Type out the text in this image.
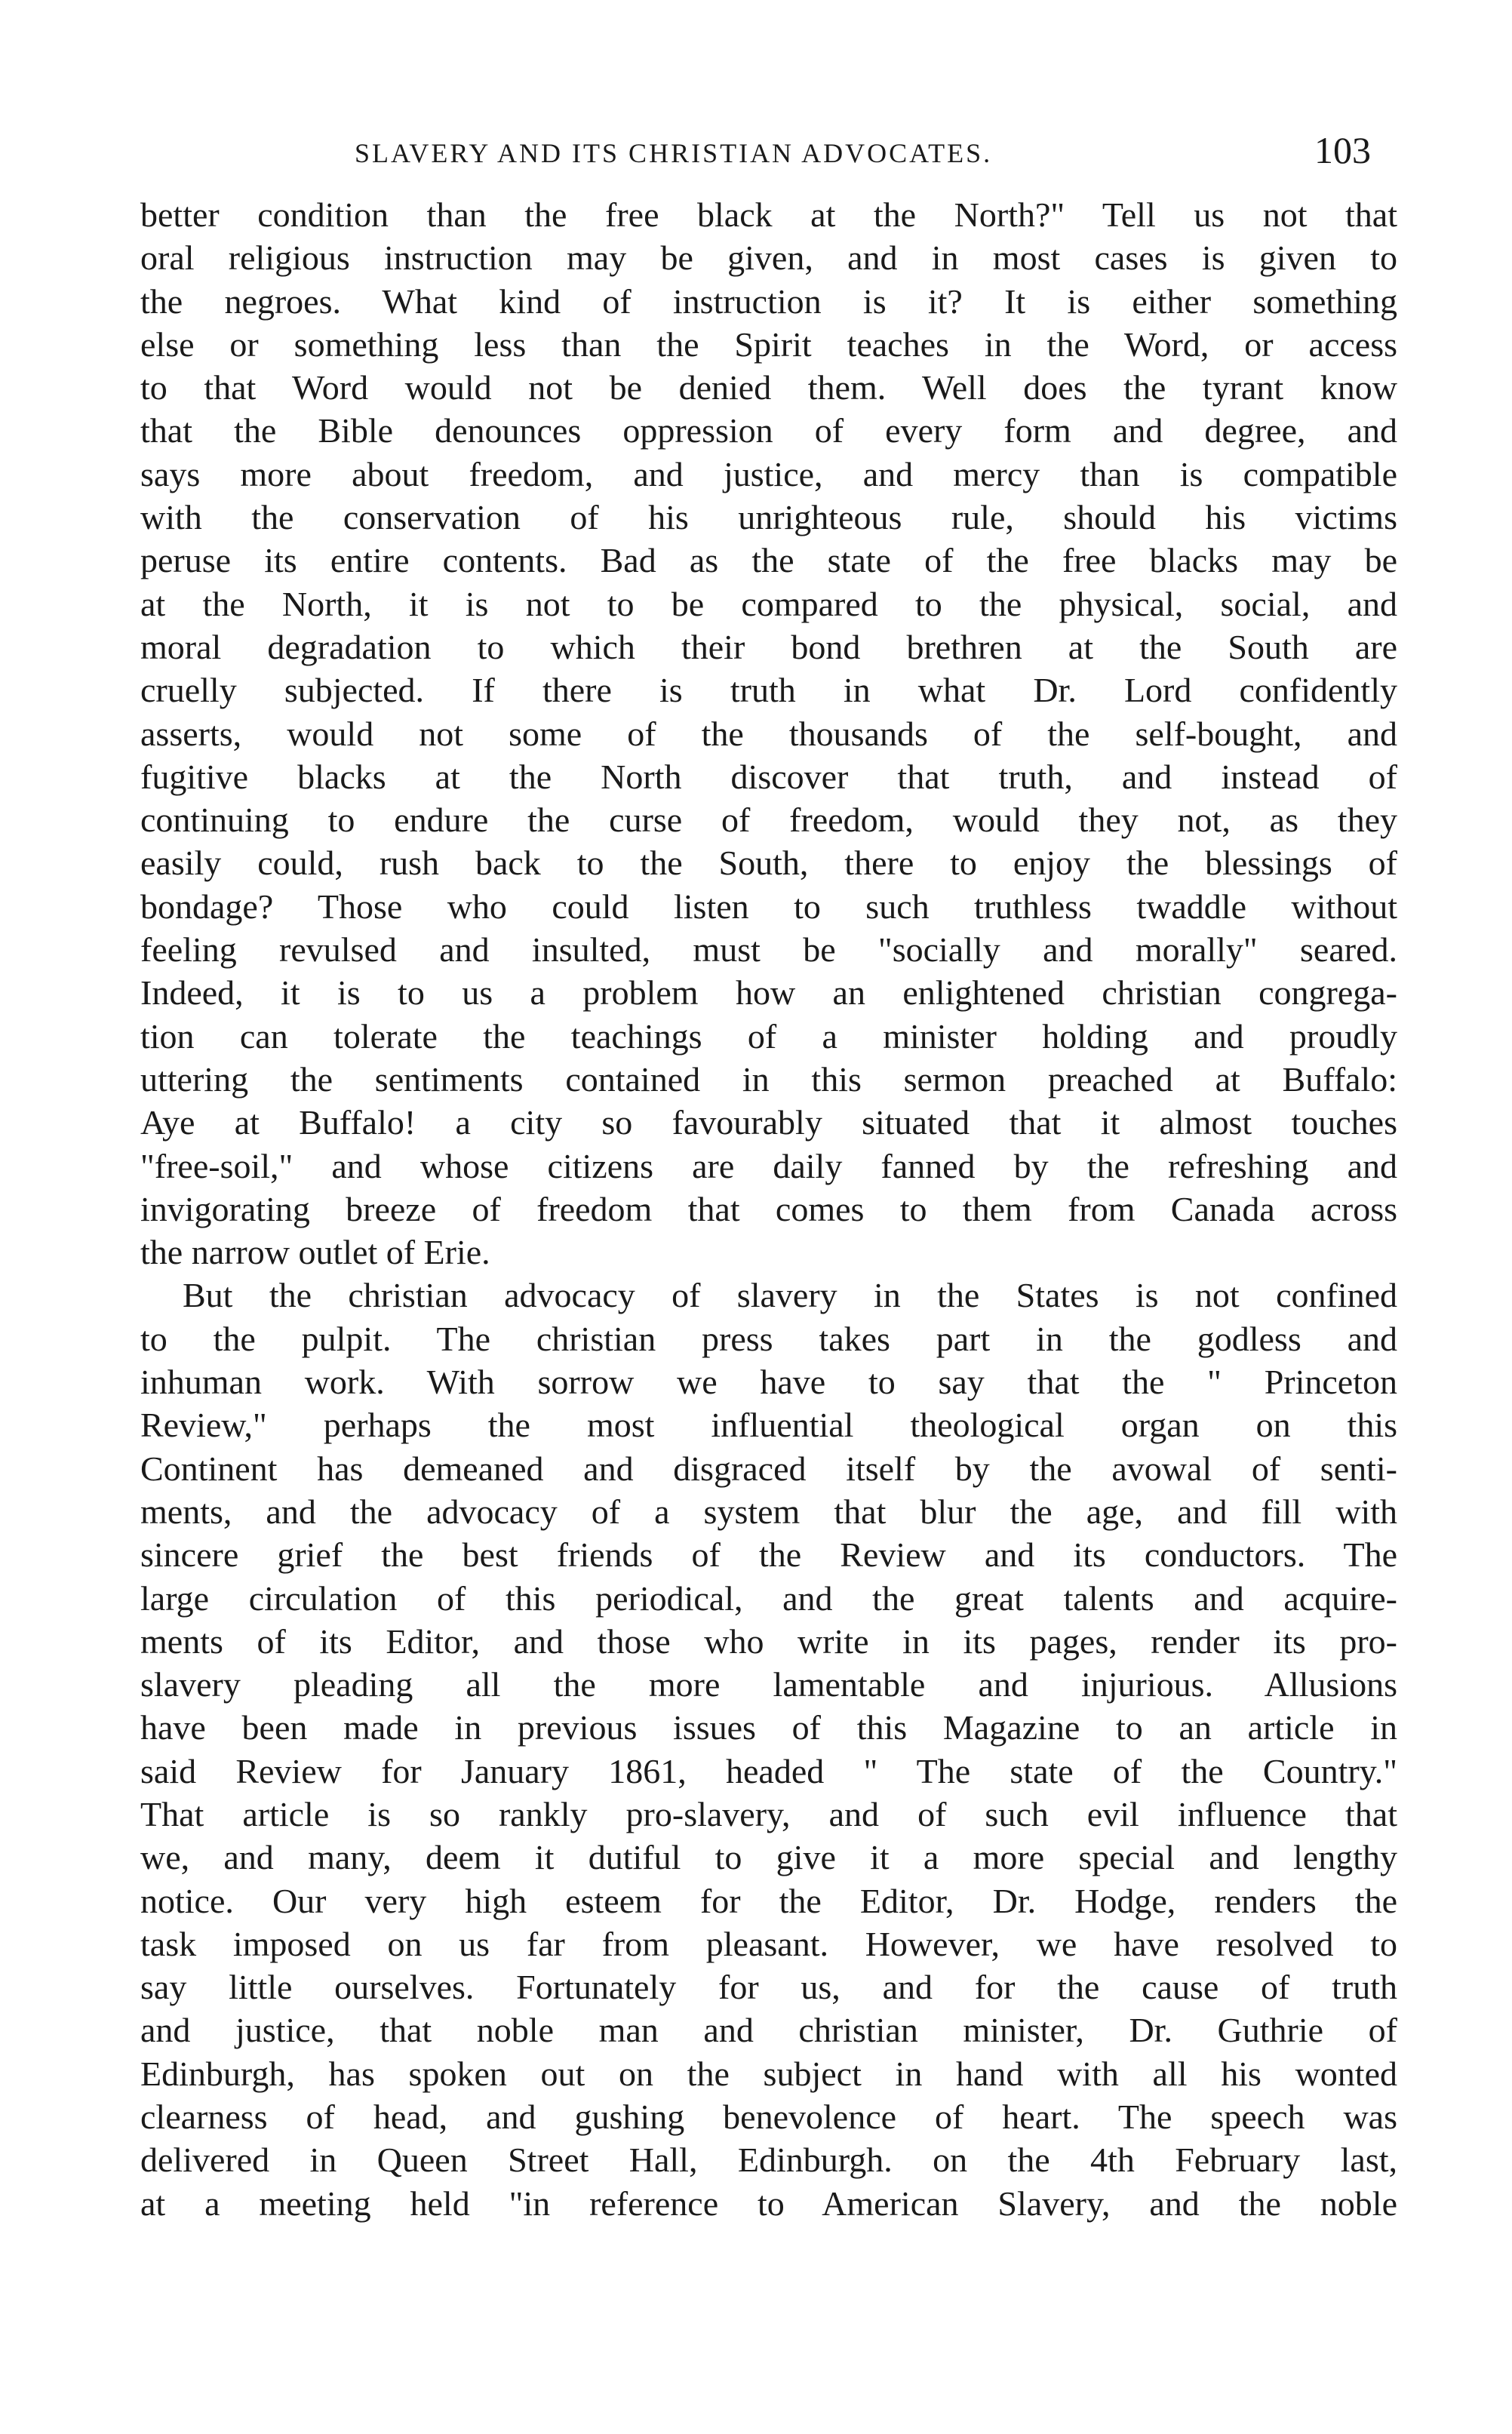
SLAVERY AND ITS CHRISTIAN ADVOCATES.	103
better condition than the free black at the North?" Tell us not that
oral religious instruction may be given, and in most cases is given to
the negroes. What kind of instruction is it? It is either something
else or something less than the Spirit teaches in the Word, or access
to that Word would not be denied them. Well does the tyrant know
that the Bible denounces oppression of every form and degree, and
says more about freedom, and justice, and mercy than is compatible
with the conservation of his unrighteous rule, should his victims
peruse its entire contents. Bad as the state of the free blacks may be
at the North, it is not to be compared to the physical, social, and
moral degradation to which their bond brethren at the South are
cruelly subjected. If there is truth in what Dr. Lord confidently
asserts, would not some of the thousands of the self-bought, and
fugitive blacks at the North discover that truth, and instead of
continuing to endure the curse of freedom, would they not, as they
easily could, rush back to the South, there to enjoy the blessings of
bondage? Those who could listen to such truthless twaddle without
feeling revulsed and insulted, must be "socially and morally" seared.
Indeed, it is to us a problem how an enlightened christian congrega-
tion can tolerate the teachings of a minister holding and proudly
uttering the sentiments contained in this sermon preached at Buffalo:
Aye at Buffalo! a city so favourably situated that it almost touches
"free-soil," and whose citizens are daily fanned by the refreshing and
invigorating breeze of freedom that comes to them from Canada across
the narrow outlet of Erie.
But the christian advocacy of slavery in the States is not confined
to the pulpit. The christian press takes part in the godless and
inhuman work. With sorrow we have to say that the " Princeton
Review," perhaps the most influential theological organ on this
Continent has demeaned and disgraced itself by the avowal of senti-
ments, and the advocacy of a system that blur the age, and fill with
sincere grief the best friends of the Review and its conductors. The
large circulation of this periodical, and the great talents and acquire-
ments of its Editor, and those who write in its pages, render its pro-
slavery pleading all the more lamentable and injurious. Allusions
have been made in previous issues of this Magazine to an article in
said Review for January 1861, headed " The state of the Country."
That article is so rankly pro-slavery, and of such evil influence that
we, and many, deem it dutiful to give it a more special and lengthy
notice. Our very high esteem for the Editor, Dr. Hodge, renders the
task imposed on us far from pleasant. However, we have resolved to
say little ourselves. Fortunately for us, and for the cause of truth
and justice, that noble man and christian minister, Dr. Guthrie of
Edinburgh, has spoken out on the subject in hand with all his wonted
clearness of head, and gushing benevolence of heart. The speech was
delivered in Queen Street Hall, Edinburgh. on the 4th February last,
at a meeting held "in reference to American Slavery, and the noble
